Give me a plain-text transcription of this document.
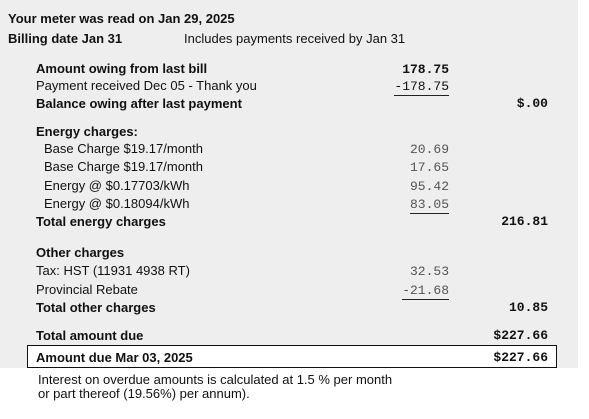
Your meter was read on Jan 29, 2025
Billing date Jan 31	Includes payments received by Jan 31
Amount owing from last bill	178.75
Payment received Dec 05 - Thank you	-178.75
Balance owing after last payment	$.00
Energy charges:
Base Charge $19.17/month	20.69
Base Charge $19.17/month	17.65
Energy @ $0.17703/kWh	95.42
Energy @ $0.18094/kWh	83.05
Total energy charges	216.81
Other charges
Tax: HST (11931 4938 RT)	32.53
Provincial Rebate	-21.68
Total other charges	10.85
Total amount due	$227.66
Amount due Mar 03, 2025	$227.66
Interest on overdue amounts is calculated at 1.5 % per month
or part thereof (19.56%) per annum).
